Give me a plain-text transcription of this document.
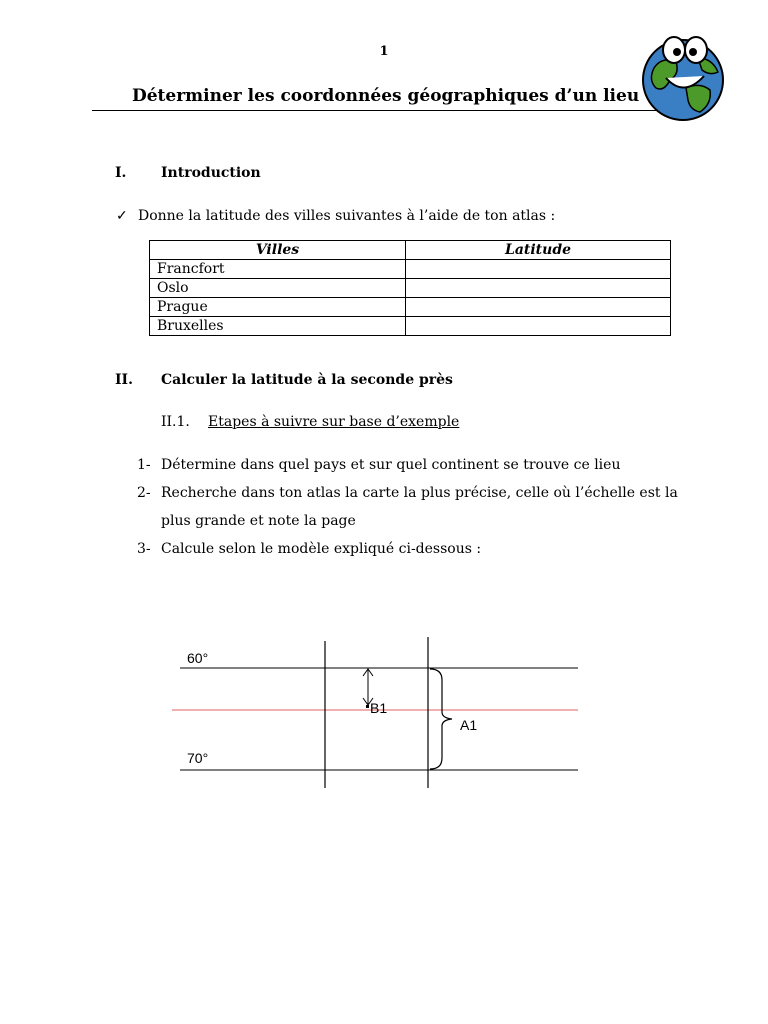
1
Déterminer les coordonnées géographiques d’un lieu
I. Introduction
✓ Donne la latitude des villes suivantes à l’aide de ton atlas :
Villes	Latitude
Francfort	
Oslo	
Prague	
Bruxelles	
II. Calculer la latitude à la seconde près
II.1. Etapes à suivre sur base d’exemple
1- Détermine dans quel pays et sur quel continent se trouve ce lieu
2- Recherche dans ton atlas la carte la plus précise, celle où l’échelle est la
plus grande et note la page
3- Calcule selon le modèle expliqué ci-dessous :
60°
70°
B1
A1
